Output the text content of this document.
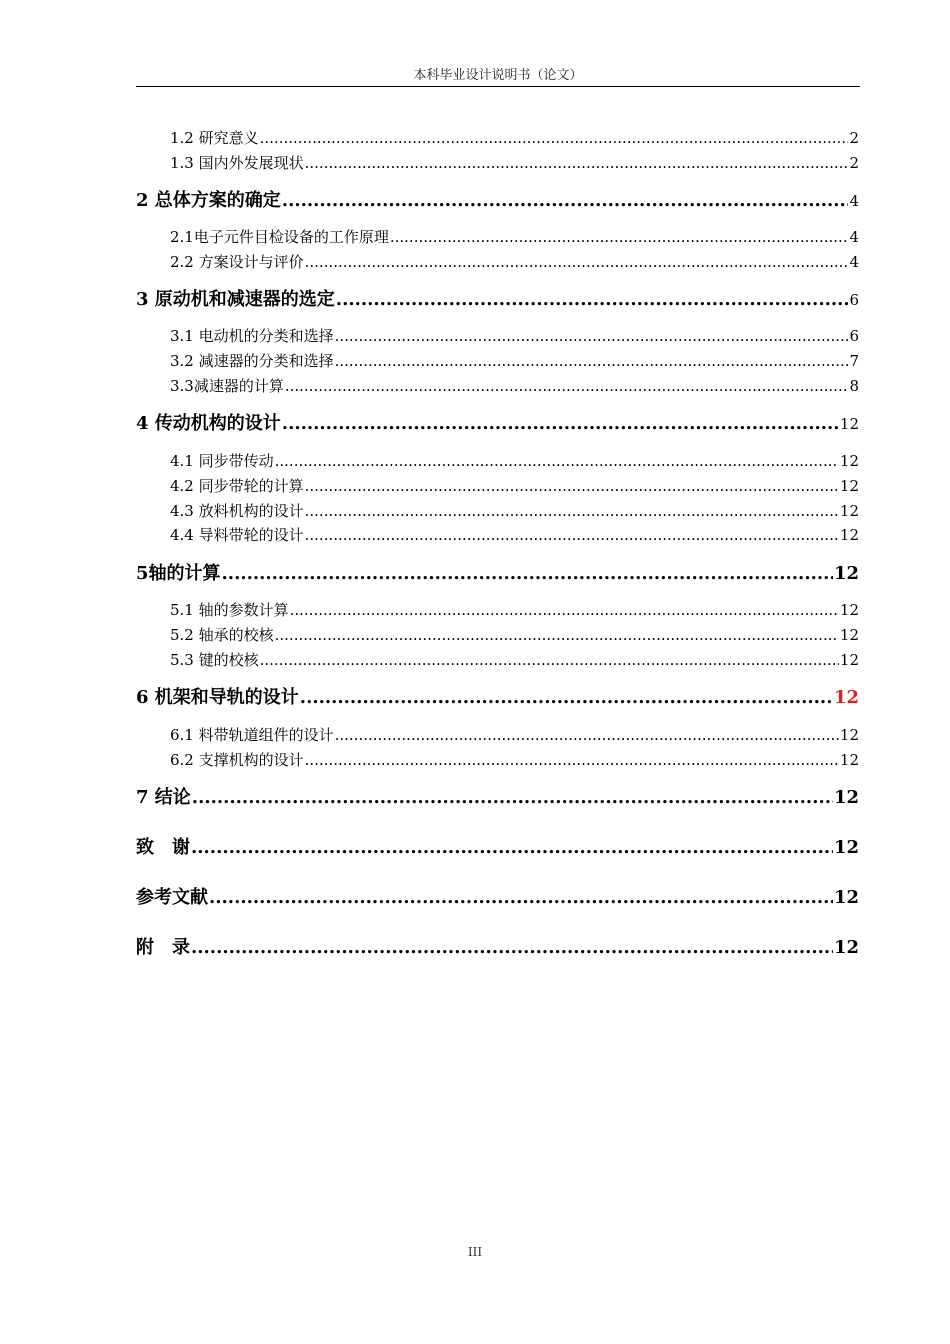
本科毕业设计说明书（论文）
1.2 研究意义 .....	2
1.3 国内外发展现状 .....	2
2 总体方案的确定 .....	4
2.1电子元件目检设备的工作原理 .....	4
2.2 方案设计与评价 .....	4
3 原动机和减速器的选定 .....	6
3.1 电动机的分类和选择 .....	6
3.2 减速器的分类和选择 .....	7
3.3减速器的计算 .....	8
4 传动机构的设计 .....	12
4.1 同步带传动 .....	12
4.2 同步带轮的计算 .....	12
4.3 放料机构的设计 .....	12
4.4 导料带轮的设计 .....	12
5轴的计算 .....	12
5.1 轴的参数计算 .....	12
5.2 轴承的校核 .....	12
5.3 键的校核 .....	12
6 机架和导轨的设计 .....	12
6.1 料带轨道组件的设计 .....	12
6.2 支撑机构的设计 .....	12
7 结论 .....	12
致　谢 .....	12
参考文献 .....	12
附　录 .....	12
III
